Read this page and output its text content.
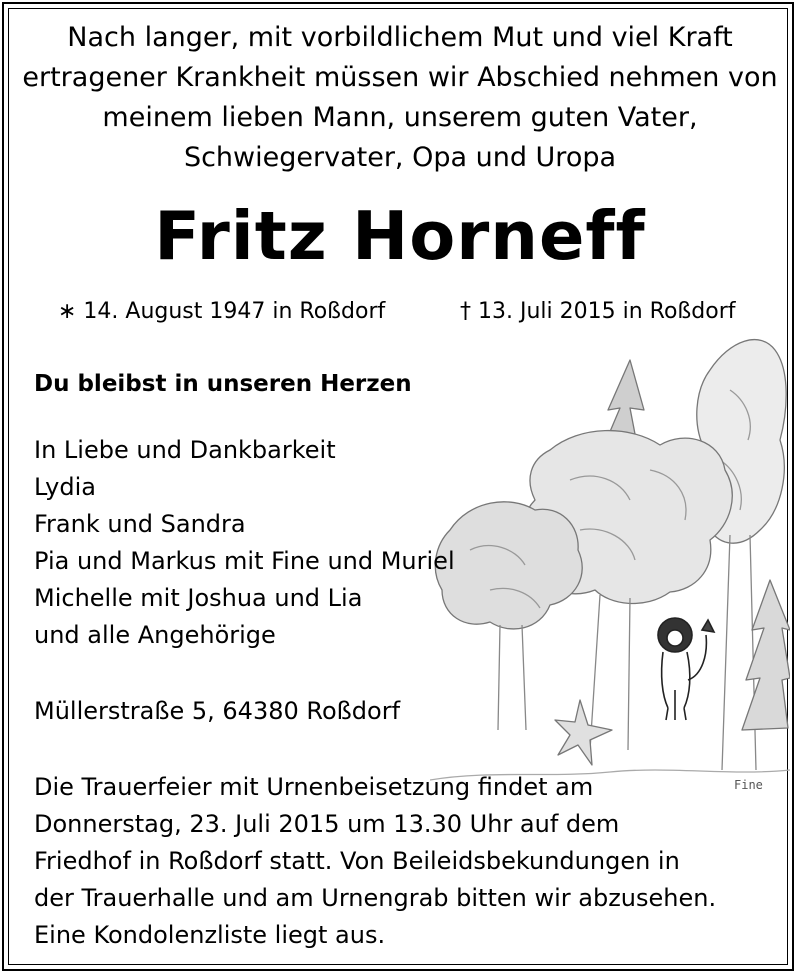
Nach langer, mit vorbildlichem Mut und viel Kraft
ertragener Krankheit müssen wir Abschied nehmen von
meinem lieben Mann, unserem guten Vater,
Schwiegervater, Opa und Uropa
Fritz Horneff
∗ 14. August 1947 in Roßdorf	† 13. Juli 2015 in Roßdorf
Du bleibst in unseren Herzen
In Liebe und Dankbarkeit
Lydia
Frank und Sandra
Pia und Markus mit Fine und Muriel
Michelle mit Joshua und Lia
und alle Angehörige
Müllerstraße 5, 64380 Roßdorf
Die Trauerfeier mit Urnenbeisetzung findet am
Donnerstag, 23. Juli 2015 um 13.30 Uhr auf dem
Friedhof in Roßdorf statt. Von Beileidsbekundungen in
der Trauerhalle und am Urnengrab bitten wir abzusehen.
Eine Kondolenzliste liegt aus.
Fine
